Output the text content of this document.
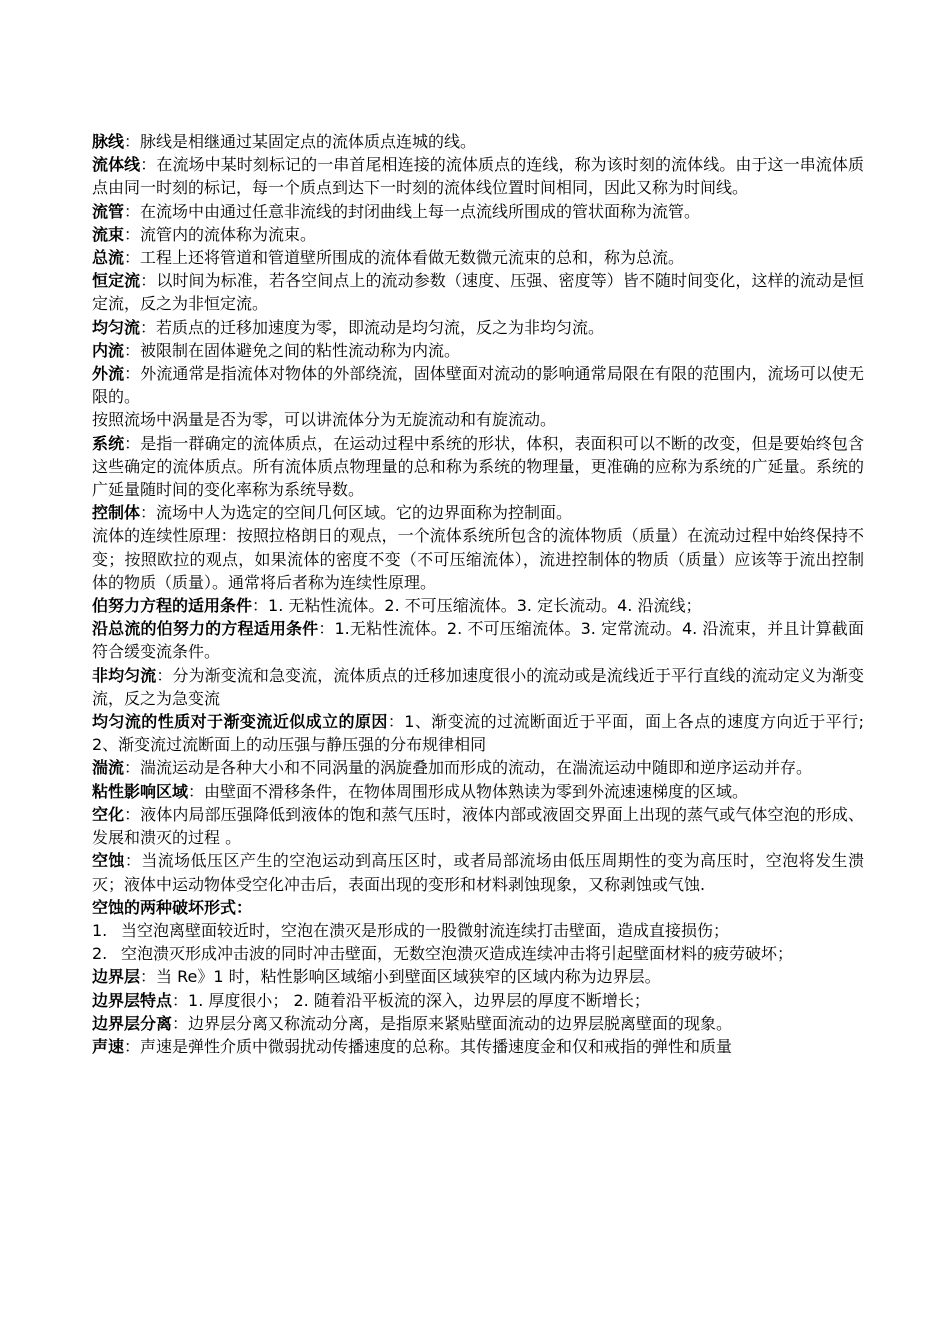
脉线：脉线是相继通过某固定点的流体质点连城的线。

流体线：在流场中某时刻标记的一串首尾相连接的流体质点的连线，称为该时刻的流体线。由于这一串流体质点由同一时刻的标记，每一个质点到达下一时刻的流体线位置时间相同，因此又称为时间线。

流管：在流场中由通过任意非流线的封闭曲线上每一点流线所围成的管状面称为流管。

流束：流管内的流体称为流束。

总流：工程上还将管道和管道壁所围成的流体看做无数微元流束的总和，称为总流。

恒定流：以时间为标准，若各空间点上的流动参数（速度、压强、密度等）皆不随时间变化，这样的流动是恒定流，反之为非恒定流。

均匀流：若质点的迁移加速度为零，即流动是均匀流，反之为非均匀流。

内流：被限制在固体避免之间的粘性流动称为内流。

外流：外流通常是指流体对物体的外部绕流，固体壁面对流动的影响通常局限在有限的范围内，流场可以使无限的。

按照流场中涡量是否为零，可以讲流体分为无旋流动和有旋流动。

系统：是指一群确定的流体质点，在运动过程中系统的形状，体积，表面积可以不断的改变，但是要始终包含这些确定的流体质点。所有流体质点物理量的总和称为系统的物理量，更准确的应称为系统的广延量。系统的广延量随时间的变化率称为系统导数。

控制体：流场中人为选定的空间几何区域。它的边界面称为控制面。

流体的连续性原理：按照拉格朗日的观点，一个流体系统所包含的流体物质（质量）在流动过程中始终保持不变；按照欧拉的观点，如果流体的密度不变（不可压缩流体），流进控制体的物质（质量）应该等于流出控制体的物质（质量）。通常将后者称为连续性原理。

伯努力方程的适用条件：1. 无粘性流体。2. 不可压缩流体。3. 定长流动。4. 沿流线；

沿总流的伯努力的方程适用条件：1.无粘性流体。2. 不可压缩流体。3. 定常流动。4. 沿流束，并且计算截面符合缓变流条件。

非均匀流：分为渐变流和急变流，流体质点的迁移加速度很小的流动或是流线近于平行直线的流动定义为渐变流，反之为急变流

均匀流的性质对于渐变流近似成立的原因：1、渐变流的过流断面近于平面，面上各点的速度方向近于平行; 2、渐变流过流断面上的动压强与静压强的分布规律相同

湍流：湍流运动是各种大小和不同涡量的涡旋叠加而形成的流动，在湍流运动中随即和逆序运动并存。

粘性影响区域：由壁面不滑移条件，在物体周围形成从物体熟读为零到外流速速梯度的区域。

空化：液体内局部压强降低到液体的饱和蒸气压时，液体内部或液固交界面上出现的蒸气或气体空泡的形成、发展和溃灭的过程 。

空蚀：当流场低压区产生的空泡运动到高压区时，或者局部流场由低压周期性的变为高压时，空泡将发生溃灭；液体中运动物体受空化冲击后，表面出现的变形和材料剥蚀现象，又称剥蚀或气蚀.

空蚀的两种破坏形式：

1. 当空泡离壁面较近时，空泡在溃灭是形成的一股微射流连续打击壁面，造成直接损伤；
2. 空泡溃灭形成冲击波的同时冲击壁面，无数空泡溃灭造成连续冲击将引起壁面材料的疲劳破坏；

边界层：当 Re》1 时，粘性影响区域缩小到壁面区域狭窄的区域内称为边界层。

边界层特点：1. 厚度很小； 2. 随着沿平板流的深入，边界层的厚度不断增长；

边界层分离：边界层分离又称流动分离，是指原来紧贴壁面流动的边界层脱离壁面的现象。

声速：声速是弹性介质中微弱扰动传播速度的总称。其传播速度金和仅和戒指的弹性和质量
